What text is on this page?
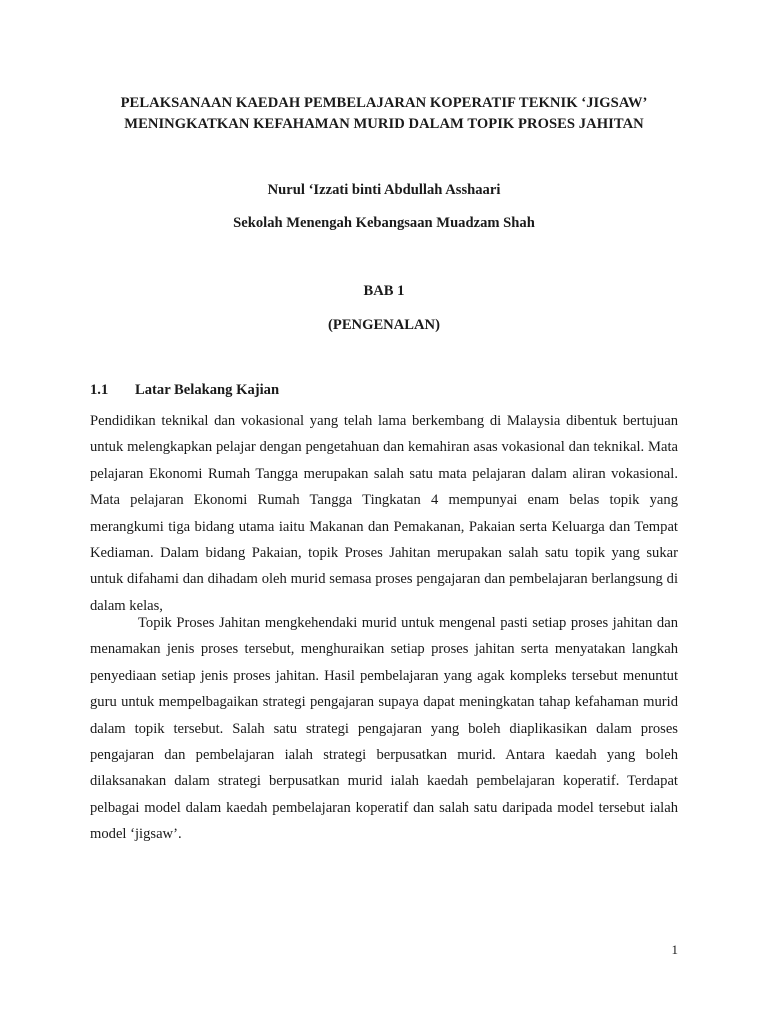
PELAKSANAAN KAEDAH PEMBELAJARAN KOPERATIF TEKNIK ‘JIGSAW’
MENINGKATKAN KEFAHAMAN MURID DALAM TOPIK PROSES JAHITAN
Nurul ‘Izzati binti Abdullah Asshaari
Sekolah Menengah Kebangsaan Muadzam Shah
BAB 1
(PENGENALAN)
1.1	Latar Belakang Kajian

Pendidikan teknikal dan vokasional yang telah lama berkembang di Malaysia dibentuk bertujuan untuk melengkapkan pelajar dengan pengetahuan dan kemahiran asas vokasional dan teknikal. Mata pelajaran Ekonomi Rumah Tangga merupakan salah satu mata pelajaran dalam aliran vokasional. Mata pelajaran Ekonomi Rumah Tangga Tingkatan 4 mempunyai enam belas topik yang merangkumi tiga bidang utama iaitu Makanan dan Pemakanan, Pakaian serta Keluarga dan Tempat Kediaman. Dalam bidang Pakaian, topik Proses Jahitan merupakan salah satu topik yang sukar untuk difahami dan dihadam oleh murid semasa proses pengajaran dan pembelajaran berlangsung di dalam kelas,

Topik Proses Jahitan mengkehendaki murid untuk mengenal pasti setiap proses jahitan dan menamakan jenis proses tersebut, menghuraikan setiap proses jahitan serta menyatakan langkah penyediaan setiap jenis proses jahitan. Hasil pembelajaran yang agak kompleks tersebut menuntut guru untuk mempelbagaikan strategi pengajaran supaya dapat meningkatan tahap kefahaman murid dalam topik tersebut. Salah satu strategi pengajaran yang boleh diaplikasikan dalam proses pengajaran dan pembelajaran ialah strategi berpusatkan murid. Antara kaedah yang boleh dilaksanakan dalam strategi berpusatkan murid ialah kaedah pembelajaran koperatif. Terdapat pelbagai model dalam kaedah pembelajaran koperatif dan salah satu daripada model tersebut ialah model ‘jigsaw’.

1
